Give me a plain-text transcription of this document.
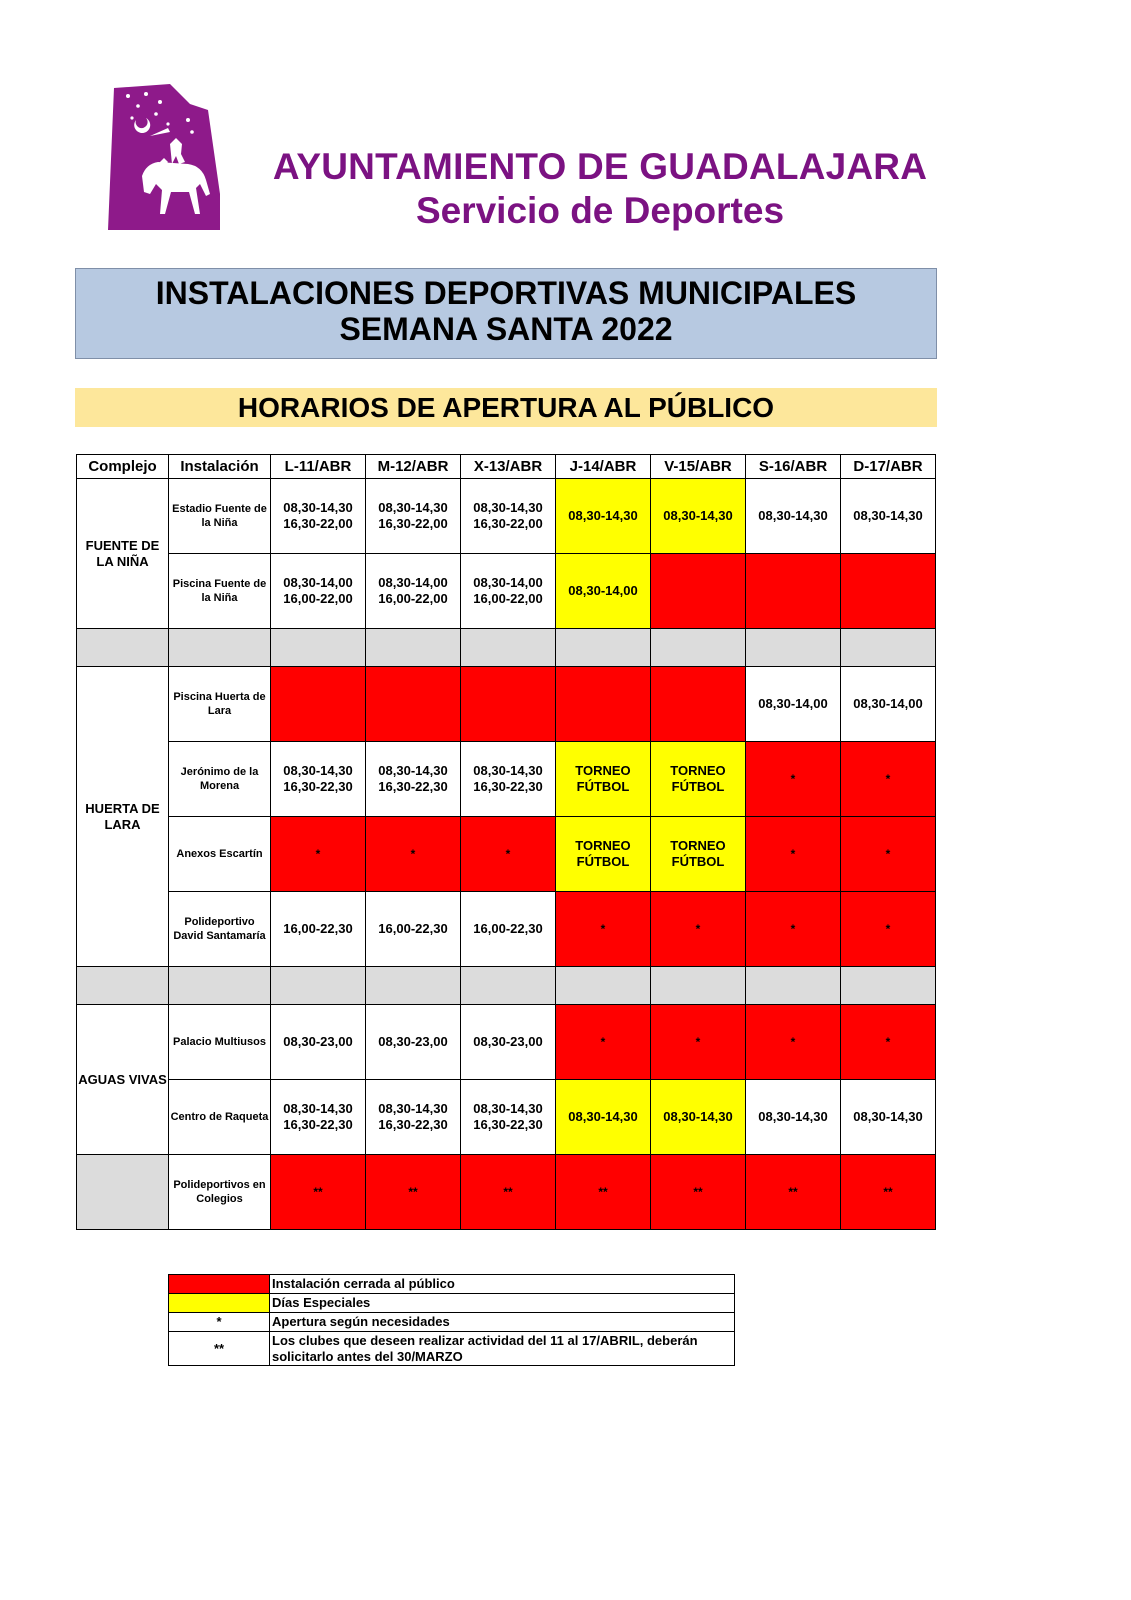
AYUNTAMIENTO DE GUADALAJARA
Servicio de Deportes
INSTALACIONES DEPORTIVAS MUNICIPALES
SEMANA SANTA 2022
HORARIOS DE APERTURA AL PÚBLICO
Complejo	Instalación	L-11/ABR	M-12/ABR	X-13/ABR	J-14/ABR	V-15/ABR	S-16/ABR	D-17/ABR
FUENTE DE LA NIÑA	Estadio Fuente de la Niña	08,30-14,30 16,30-22,00	08,30-14,30 16,30-22,00	08,30-14,30 16,30-22,00	08,30-14,30	08,30-14,30	08,30-14,30	08,30-14,30
	Piscina Fuente de la Niña	08,30-14,00 16,00-22,00	08,30-14,00 16,00-22,00	08,30-14,00 16,00-22,00	08,30-14,00			

HUERTA DE LARA	Piscina Huerta de Lara						08,30-14,00	08,30-14,00
	Jerónimo de la Morena	08,30-14,30 16,30-22,30	08,30-14,30 16,30-22,30	08,30-14,30 16,30-22,30	TORNEO FÚTBOL	TORNEO FÚTBOL	*	*
	Anexos Escartín	*	*	*	TORNEO FÚTBOL	TORNEO FÚTBOL	*	*
	Polideportivo David Santamaría	16,00-22,30	16,00-22,30	16,00-22,30	*	*	*	*

AGUAS VIVAS	Palacio Multiusos	08,30-23,00	08,30-23,00	08,30-23,00	*	*	*	*
	Centro de Raqueta	08,30-14,30 16,30-22,30	08,30-14,30 16,30-22,30	08,30-14,30 16,30-22,30	08,30-14,30	08,30-14,30	08,30-14,30	08,30-14,30
	Polideportivos en Colegios	**	**	**	**	**	**	**
	Instalación cerrada al público
	Días Especiales
*	Apertura según necesidades
**	Los clubes que deseen realizar actividad del 11 al 17/ABRIL, deberán solicitarlo antes del 30/MARZO
